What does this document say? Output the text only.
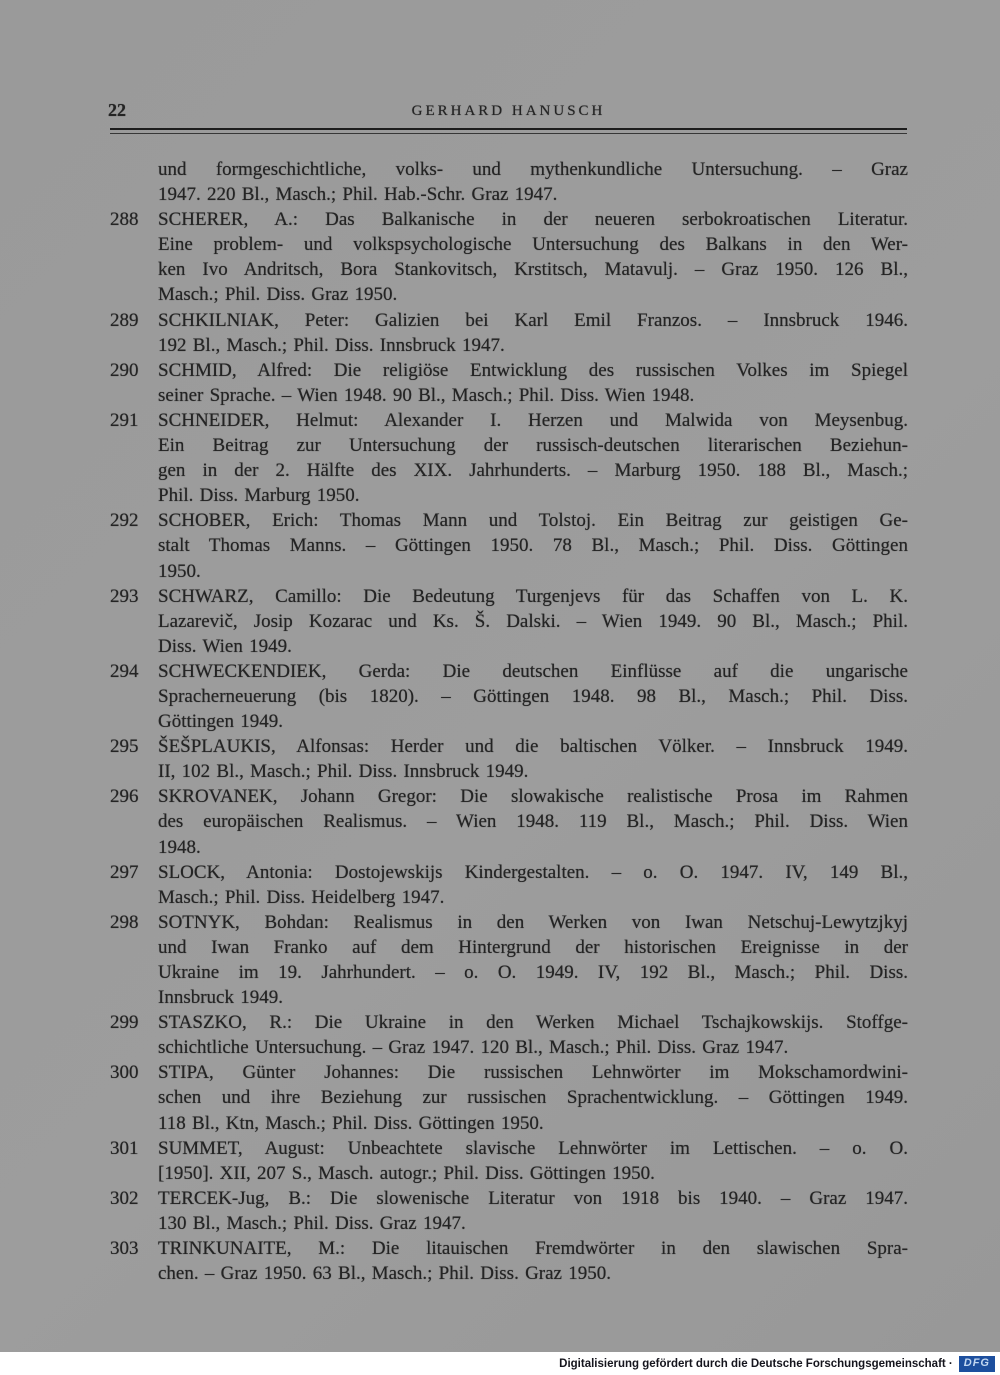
22	GERHARD HANUSCH
und formgeschichtliche, volks- und mythenkundliche Untersuchung. – Graz
1947. 220 Bl., Masch.; Phil. Hab.-Schr. Graz 1947.
288	SCHERER, A.: Das Balkanische in der neueren serbokroatischen Literatur.
Eine problem- und volkspsychologische Untersuchung des Balkans in den Wer-
ken Ivo Andritsch, Bora Stankovitsch, Krstitsch, Matavulj. – Graz 1950. 126 Bl.,
Masch.; Phil. Diss. Graz 1950.
289	SCHKILNIAK, Peter: Galizien bei Karl Emil Franzos. – Innsbruck 1946.
192 Bl., Masch.; Phil. Diss. Innsbruck 1947.
290	SCHMID, Alfred: Die religiöse Entwicklung des russischen Volkes im Spiegel
seiner Sprache. – Wien 1948. 90 Bl., Masch.; Phil. Diss. Wien 1948.
291	SCHNEIDER, Helmut: Alexander I. Herzen und Malwida von Meysenbug.
Ein Beitrag zur Untersuchung der russisch-deutschen literarischen Beziehun-
gen in der 2. Hälfte des XIX. Jahrhunderts. – Marburg 1950. 188 Bl., Masch.;
Phil. Diss. Marburg 1950.
292	SCHOBER, Erich: Thomas Mann und Tolstoj. Ein Beitrag zur geistigen Ge-
stalt Thomas Manns. – Göttingen 1950. 78 Bl., Masch.; Phil. Diss. Göttingen
1950.
293	SCHWARZ, Camillo: Die Bedeutung Turgenjevs für das Schaffen von L. K.
Lazarevič, Josip Kozarac und Ks. Š. Dalski. – Wien 1949. 90 Bl., Masch.; Phil.
Diss. Wien 1949.
294	SCHWECKENDIEK, Gerda: Die deutschen Einflüsse auf die ungarische
Spracherneuerung (bis 1820). – Göttingen 1948. 98 Bl., Masch.; Phil. Diss.
Göttingen 1949.
295	ŠEŠPLAUKIS, Alfonsas: Herder und die baltischen Völker. – Innsbruck 1949.
II, 102 Bl., Masch.; Phil. Diss. Innsbruck 1949.
296	SKROVANEK, Johann Gregor: Die slowakische realistische Prosa im Rahmen
des europäischen Realismus. – Wien 1948. 119 Bl., Masch.; Phil. Diss. Wien
1948.
297	SLOCK, Antonia: Dostojewskijs Kindergestalten. – o. O. 1947. IV, 149 Bl.,
Masch.; Phil. Diss. Heidelberg 1947.
298	SOTNYK, Bohdan: Realismus in den Werken von Iwan Netschuj-Lewytzjkyj
und Iwan Franko auf dem Hintergrund der historischen Ereignisse in der
Ukraine im 19. Jahrhundert. – o. O. 1949. IV, 192 Bl., Masch.; Phil. Diss.
Innsbruck 1949.
299	STASZKO, R.: Die Ukraine in den Werken Michael Tschajkowskijs. Stoffge-
schichtliche Untersuchung. – Graz 1947. 120 Bl., Masch.; Phil. Diss. Graz 1947.
300	STIPA, Günter Johannes: Die russischen Lehnwörter im Mokschamordwini-
schen und ihre Beziehung zur russischen Sprachentwicklung. – Göttingen 1949.
118 Bl., Ktn, Masch.; Phil. Diss. Göttingen 1950.
301	SUMMET, August: Unbeachtete slavische Lehnwörter im Lettischen. – o. O.
[1950]. XII, 207 S., Masch. autogr.; Phil. Diss. Göttingen 1950.
302	TERCEK-Jug, B.: Die slowenische Literatur von 1918 bis 1940. – Graz 1947.
130 Bl., Masch.; Phil. Diss. Graz 1947.
303	TRINKUNAITE, M.: Die litauischen Fremdwörter in den slawischen Spra-
chen. – Graz 1950. 63 Bl., Masch.; Phil. Diss. Graz 1950.
Digitalisierung gefördert durch die Deutsche Forschungsgemeinschaft ·	DFG
